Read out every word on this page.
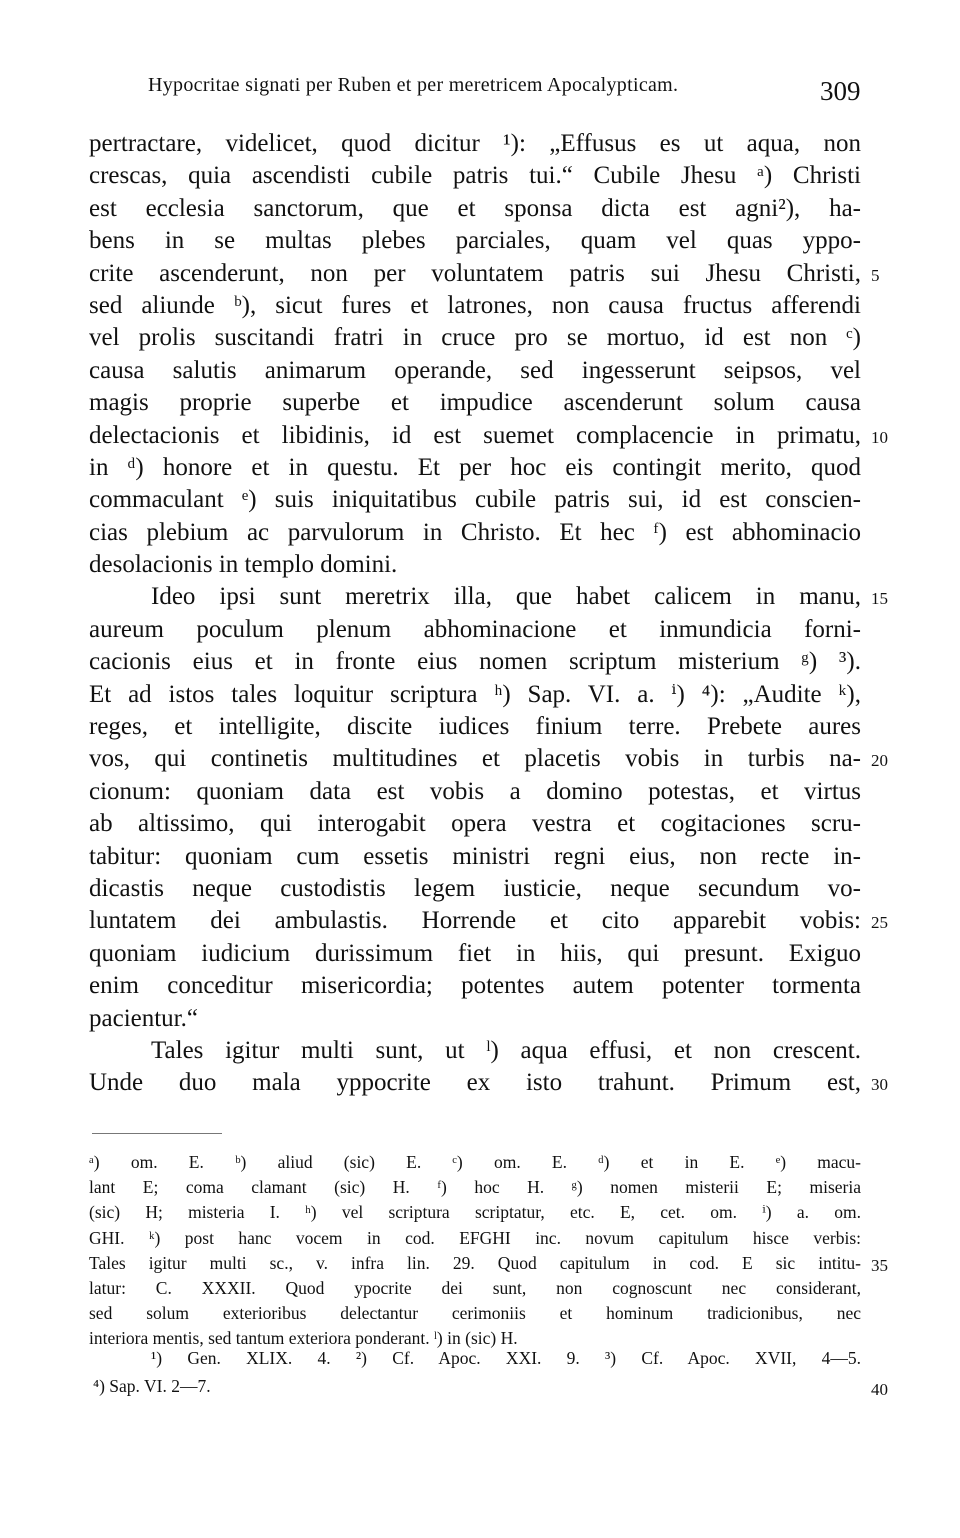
Hypocritae signati per Ruben et per meretricem Apocalypticam.	309
pertractare, videlicet, quod dicitur ¹): „Effusus es ut aqua, non
crescas, quia ascendisti cubile patris tui.“ Cubile Jhesu ᵃ) Christi
est ecclesia sanctorum, que et sponsa dicta est agni²), ha-
bens in se multas plebes parciales, quam vel quas yppo-
crite ascenderunt, non per voluntatem patris sui Jhesu Christi, 5
sed aliunde ᵇ), sicut fures et latrones, non causa fructus afferendi
vel prolis suscitandi fratri in cruce pro se mortuo, id est non ᶜ)
causa salutis animarum operande, sed ingesserunt seipsos, vel
magis proprie superbe et impudice ascenderunt solum causa
delectacionis et libidinis, id est suemet complacencie in primatu, 10
in ᵈ) honore et in questu. Et per hoc eis contingit merito, quod
commaculant ᵉ) suis iniquitatibus cubile patris sui, id est conscien-
cias plebium ac parvulorum in Christo. Et hec ᶠ) est abhominacio
desolacionis in templo domini.
Ideo ipsi sunt meretrix illa, que habet calicem in manu, 15
aureum poculum plenum abhominacione et inmundicia forni-
cacionis eius et in fronte eius nomen scriptum misterium ᵍ) ³).
Et ad istos tales loquitur scriptura ʰ) Sap. VI. a. ⁱ) ⁴): „Audite ᵏ),
reges, et intelligite, discite iudices finium terre. Prebete aures
vos, qui continetis multitudines et placetis vobis in turbis na- 20
cionum: quoniam data est vobis a domino potestas, et virtus
ab altissimo, qui interogabit opera vestra et cogitaciones scru-
tabitur: quoniam cum essetis ministri regni eius, non recte in-
dicastis neque custodistis legem iusticie, neque secundum vo-
luntatem dei ambulastis. Horrende et cito apparebit vobis: 25
quoniam iudicium durissimum fiet in hiis, qui presunt. Exiguo
enim conceditur misericordia; potentes autem potenter tormenta
pacientur.“
Tales igitur multi sunt, ut ˡ) aqua effusi, et non crescent.
Unde duo mala yppocrite ex isto trahunt. Primum est, 30
ᵃ) om. E. ᵇ) aliud (sic) E. ᶜ) om. E. ᵈ) et in E. ᵉ) macu-
lant E; coma clamant (sic) H. ᶠ) hoc H. ᵍ) nomen misterii E; miseria
(sic) H; misteria I. ʰ) vel scriptura scriptatur, etc. E, cet. om. ⁱ) a. om.
GHI. ᵏ) post hanc vocem in cod. EFGHI inc. novum capitulum hisce verbis:
Tales igitur multi sc., v. infra lin. 29. Quod capitulum in cod. E sic intitu- 35
latur: C. XXXII. Quod ypocrite dei sunt, non cognoscunt nec considerant,
sed solum exterioribus delectantur cerimoniis et hominum tradicionibus, nec
interiora mentis, sed tantum exteriora ponderant. ˡ) in (sic) H.
¹) Gen. XLIX. 4. ²) Cf. Apoc. XXI. 9. ³) Cf. Apoc. XVII, 4—5.
⁴) Sap. VI. 2—7.	40
